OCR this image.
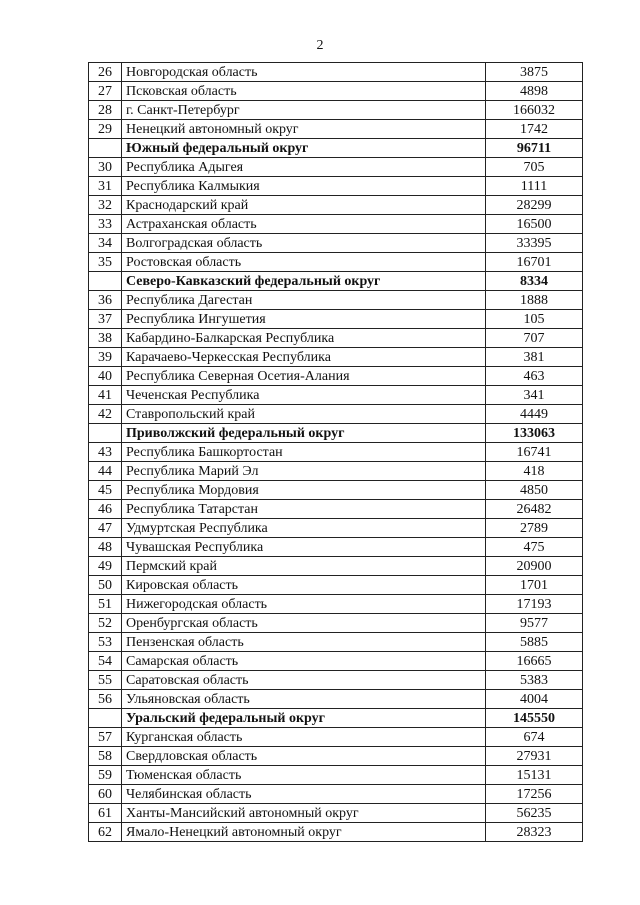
2
26	Новгородская область	3875
27	Псковская область	4898
28	г. Санкт-Петербург	166032
29	Ненецкий автономный округ	1742
	Южный федеральный округ	96711
30	Республика Адыгея	705
31	Республика Калмыкия	1111
32	Краснодарский край	28299
33	Астраханская область	16500
34	Волгоградская область	33395
35	Ростовская область	16701
	Северо-Кавказский федеральный округ	8334
36	Республика Дагестан	1888
37	Республика Ингушетия	105
38	Кабардино-Балкарская Республика	707
39	Карачаево-Черкесская Республика	381
40	Республика Северная Осетия-Алания	463
41	Чеченская Республика	341
42	Ставропольский край	4449
	Приволжский федеральный округ	133063
43	Республика Башкортостан	16741
44	Республика Марий Эл	418
45	Республика Мордовия	4850
46	Республика Татарстан	26482
47	Удмуртская Республика	2789
48	Чувашская Республика	475
49	Пермский край	20900
50	Кировская область	1701
51	Нижегородская область	17193
52	Оренбургская область	9577
53	Пензенская область	5885
54	Самарская область	16665
55	Саратовская область	5383
56	Ульяновская область	4004
	Уральский федеральный округ	145550
57	Курганская область	674
58	Свердловская область	27931
59	Тюменская область	15131
60	Челябинская область	17256
61	Ханты-Мансийский автономный округ	56235
62	Ямало-Ненецкий автономный округ	28323
